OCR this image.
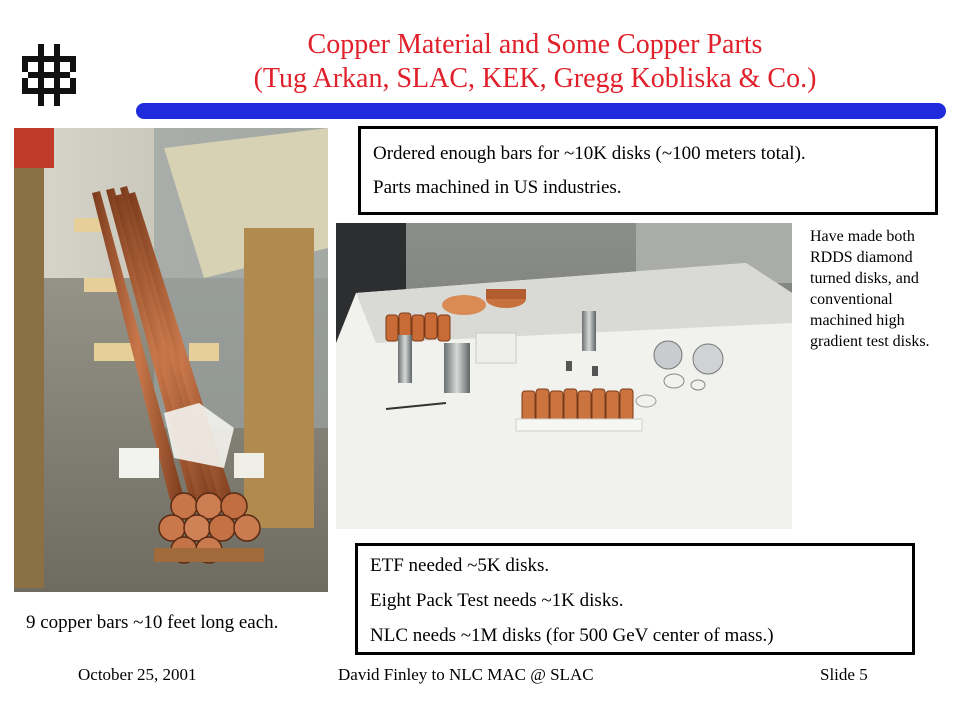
Copper Material and Some Copper Parts
(Tug Arkan, SLAC, KEK, Gregg Kobliska & Co.)

Ordered enough bars for ~10K disks (~100 meters total).

Parts machined in US industries.

Have made both RDDS diamond turned disks, and conventional machined high gradient test disks.

ETF needed ~5K disks.

Eight Pack Test needs ~1K disks.

NLC needs ~1M disks (for 500 GeV center of mass.)

9 copper bars ~10 feet long each.
October 25, 2001	David Finley to NLC MAC @ SLAC	Slide 5
